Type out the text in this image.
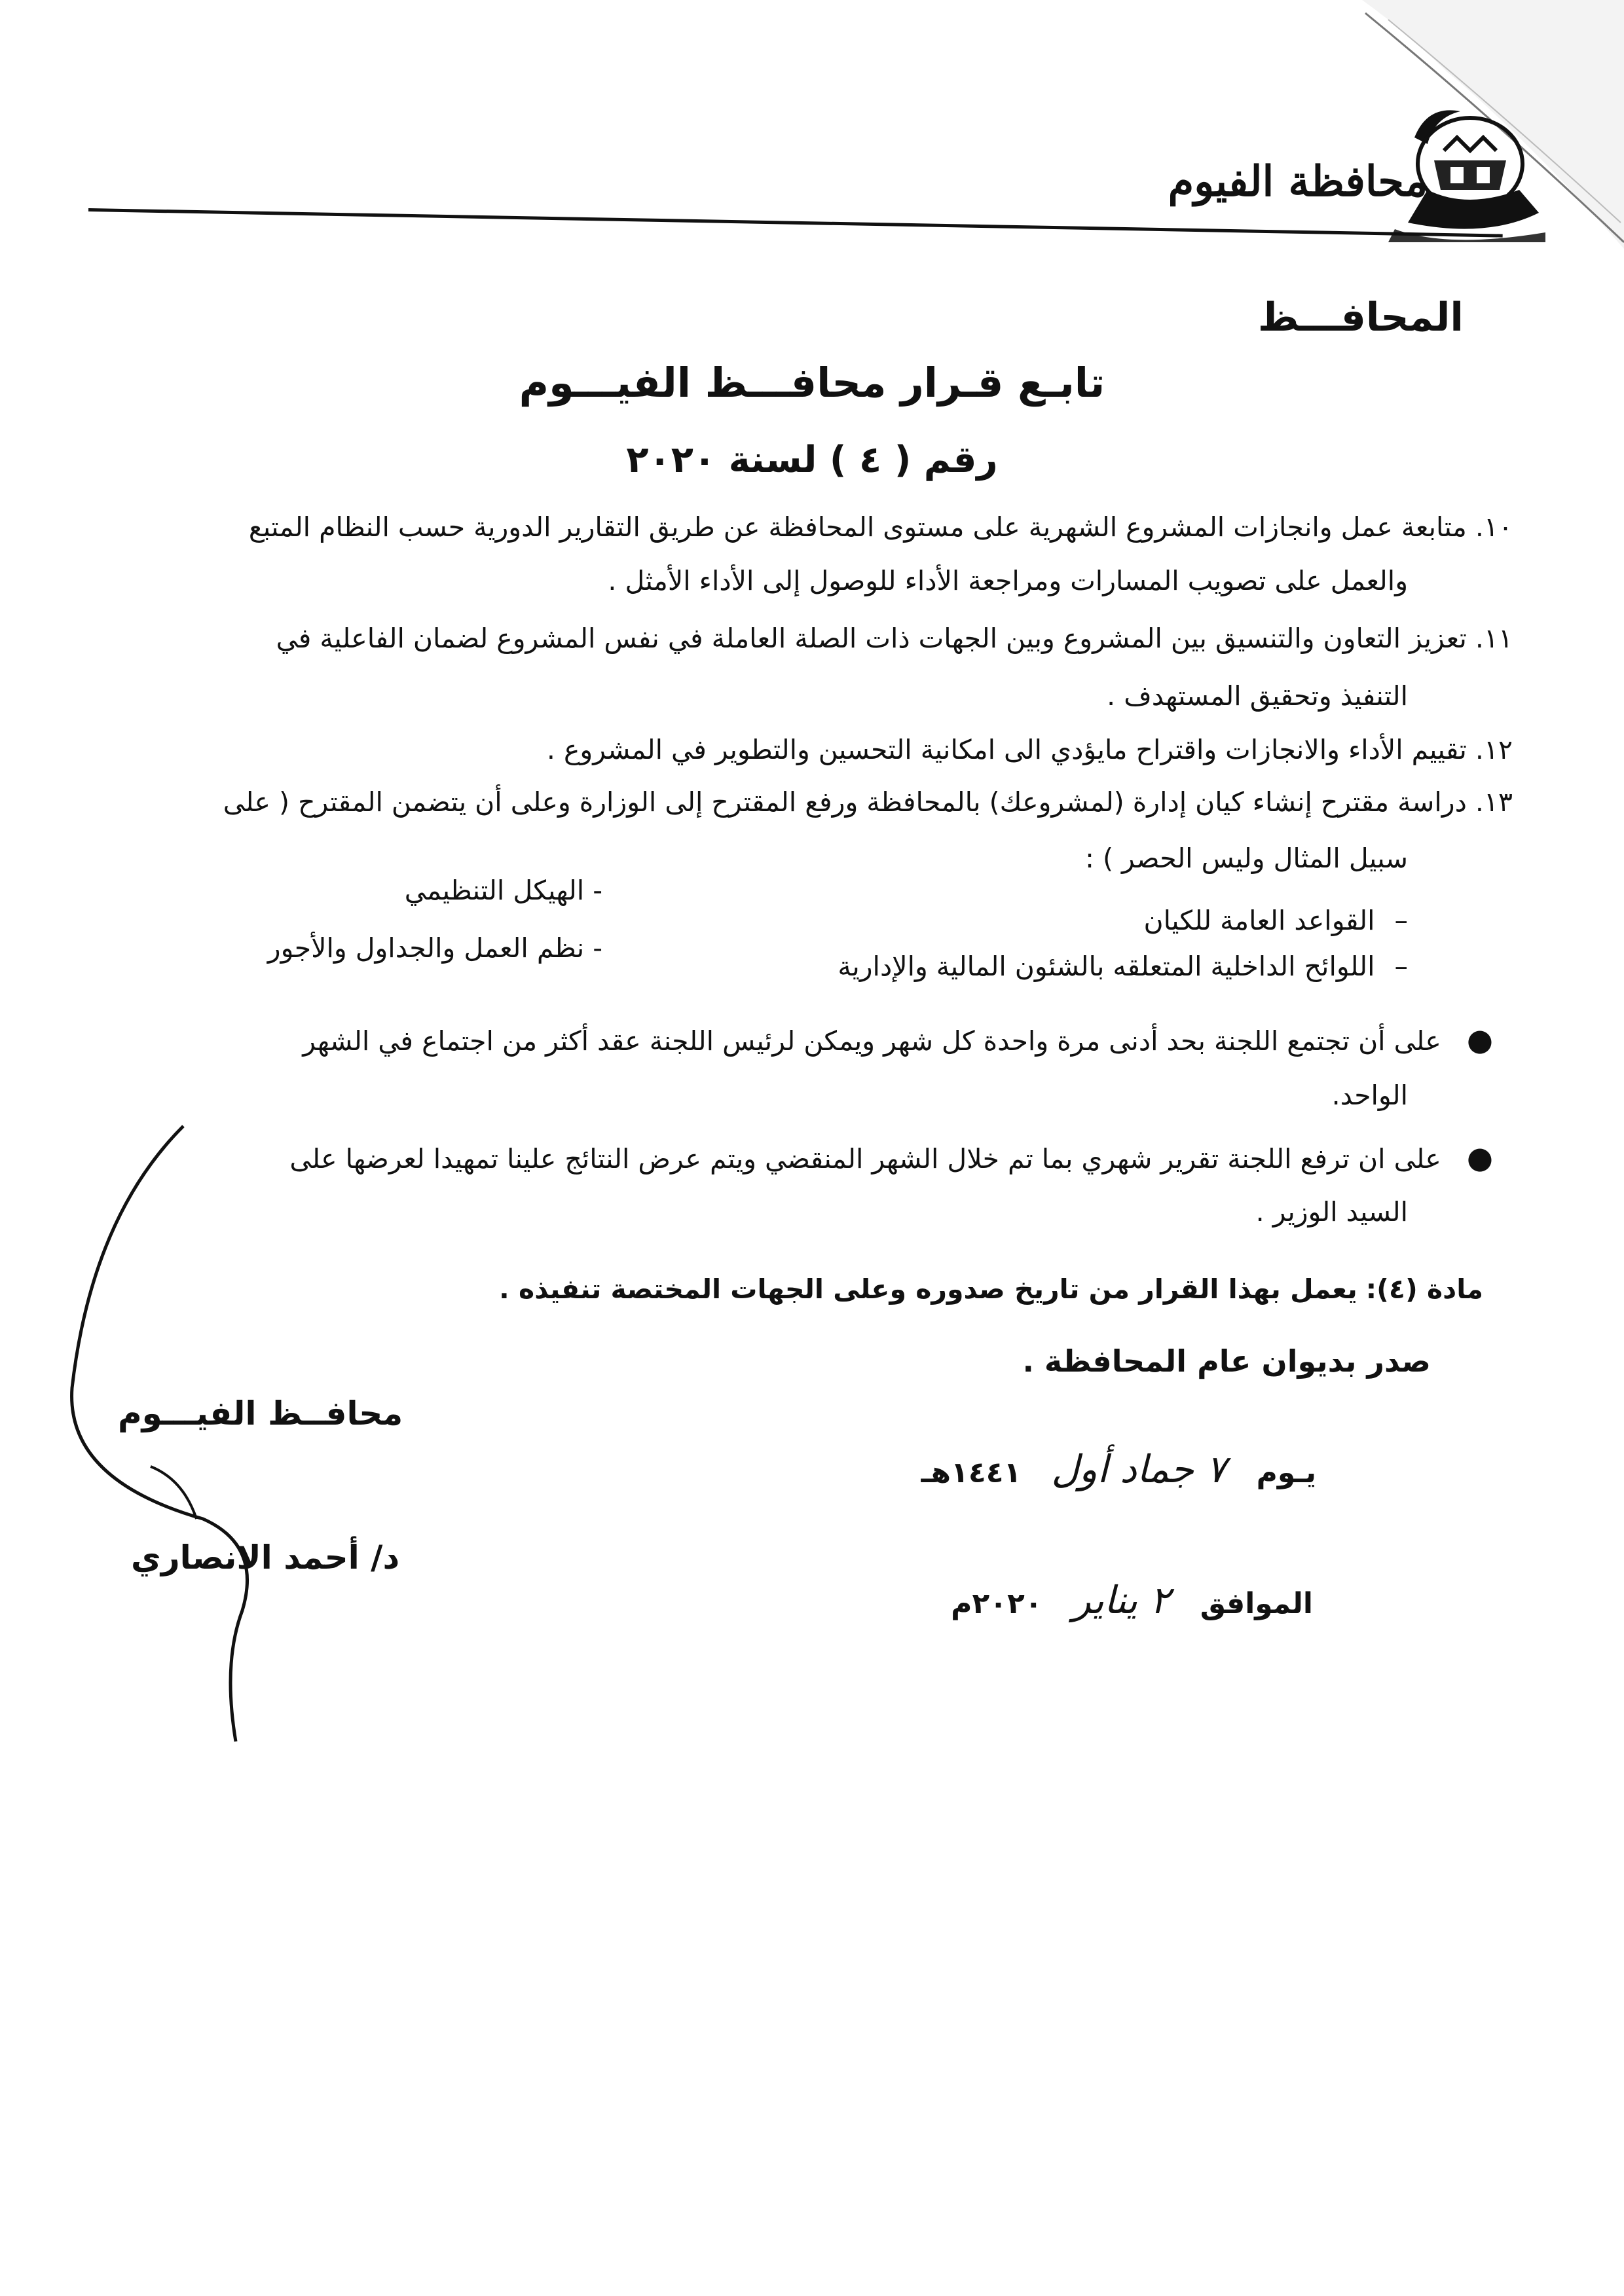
محافظة الفيوم
المحافـــظ
تابـع قـرار محافـــظ الفيـــوم
رقم ( ٤ ) لسنة ٢٠٢٠
١٠. متابعة عمل وانجازات المشروع الشهرية على مستوى المحافظة عن طريق التقارير الدورية حسب النظام المتبع
والعمل على تصويب المسارات ومراجعة الأداء للوصول إلى الأداء الأمثل .
١١. تعزيز التعاون والتنسيق بين المشروع وبين الجهات ذات الصلة العاملة في نفس المشروع لضمان الفاعلية في
التنفيذ وتحقيق المستهدف .
١٢. تقييم الأداء والانجازات واقتراح مايؤدي الى امكانية التحسين والتطوير في المشروع .
١٣. دراسة مقترح إنشاء كيان إدارة (لمشروعك) بالمحافظة ورفع المقترح إلى الوزارة وعلى أن يتضمن المقترح ( على
سبيل المثال وليس الحصر ) :
–القواعد العامة للكيان
–اللوائح الداخلية المتعلقه بالشئون المالية والإدارية
- الهيكل التنظيمي
- نظم العمل والجداول والأجور
● على أن تجتمع اللجنة بحد أدنى مرة واحدة كل شهر ويمكن لرئيس اللجنة عقد أكثر من اجتماع في الشهر
الواحد.
● على ان ترفع اللجنة تقرير شهري بما تم خلال الشهر المنقضي ويتم عرض النتائج علينا تمهيدا لعرضها على
السيد الوزير .
مادة (٤): يعمل بهذا القرار من تاريخ صدوره وعلى الجهات المختصة تنفيذه .
صدر بديوان عام المحافظة .
محافــظ الفيـــوم
د/ أحمد الانصاري
يـوم   ٧ جماد أول   ١٤٤١هـ
الموافق   ٢ يناير   ٢٠٢٠م
